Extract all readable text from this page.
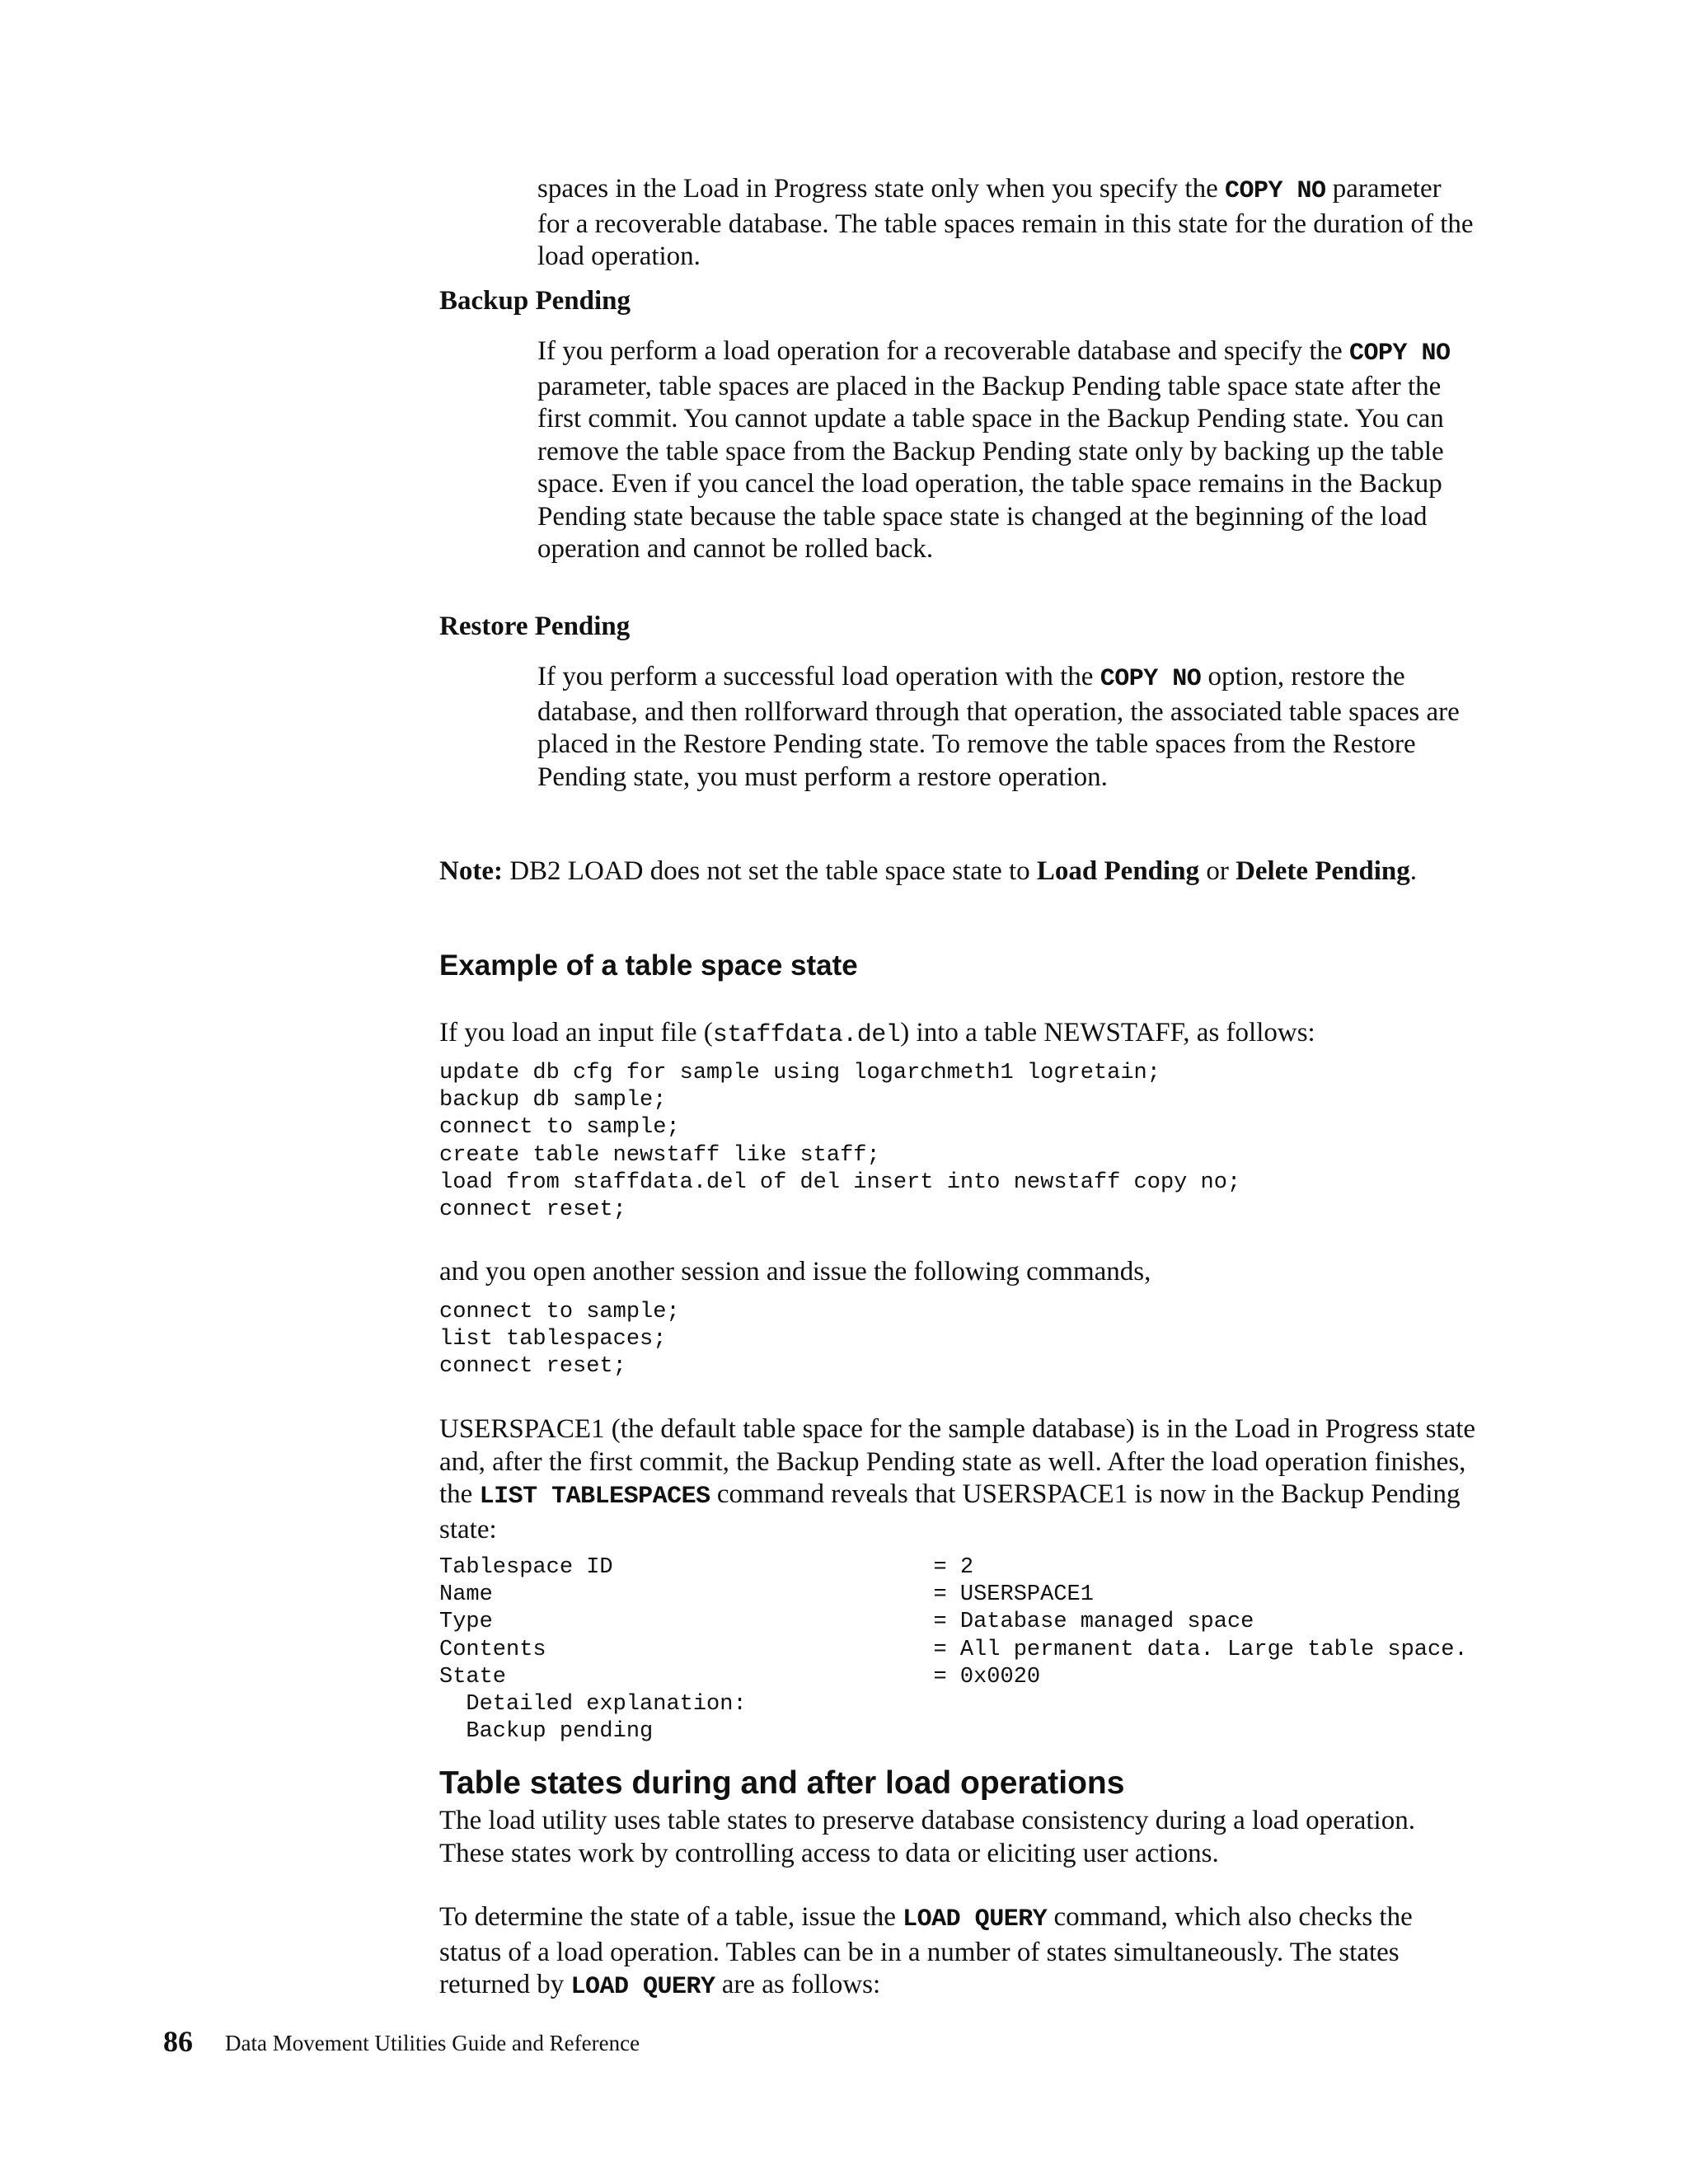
spaces in the Load in Progress state only when you specify the COPY NO parameter for a recoverable database. The table spaces remain in this state for the duration of the load operation.

Backup Pending

If you perform a load operation for a recoverable database and specify the COPY NO parameter, table spaces are placed in the Backup Pending table space state after the first commit. You cannot update a table space in the Backup Pending state. You can remove the table space from the Backup Pending state only by backing up the table space. Even if you cancel the load operation, the table space remains in the Backup Pending state because the table space state is changed at the beginning of the load operation and cannot be rolled back.

Restore Pending

If you perform a successful load operation with the COPY NO option, restore the database, and then rollforward through that operation, the associated table spaces are placed in the Restore Pending state. To remove the table spaces from the Restore Pending state, you must perform a restore operation.

Note: DB2 LOAD does not set the table space state to Load Pending or Delete Pending.

Example of a table space state

If you load an input file (staffdata.del) into a table NEWSTAFF, as follows:

update db cfg for sample using logarchmeth1 logretain;
backup db sample;
connect to sample;
create table newstaff like staff;
load from staffdata.del of del insert into newstaff copy no;
connect reset;

and you open another session and issue the following commands,

connect to sample;
list tablespaces;
connect reset;

USERSPACE1 (the default table space for the sample database) is in the Load in Progress state and, after the first commit, the Backup Pending state as well. After the load operation finishes, the LIST TABLESPACES command reveals that USERSPACE1 is now in the Backup Pending state:

Tablespace ID                        = 2
Name                                 = USERSPACE1
Type                                 = Database managed space
Contents                             = All permanent data. Large table space.
State                                = 0x0020
Detailed explanation:
Backup pending
Table states during and after load operations

The load utility uses table states to preserve database consistency during a load operation. These states work by controlling access to data or eliciting user actions.

To determine the state of a table, issue the LOAD QUERY command, which also checks the status of a load operation. Tables can be in a number of states simultaneously. The states returned by LOAD QUERY are as follows:

86 Data Movement Utilities Guide and Reference
